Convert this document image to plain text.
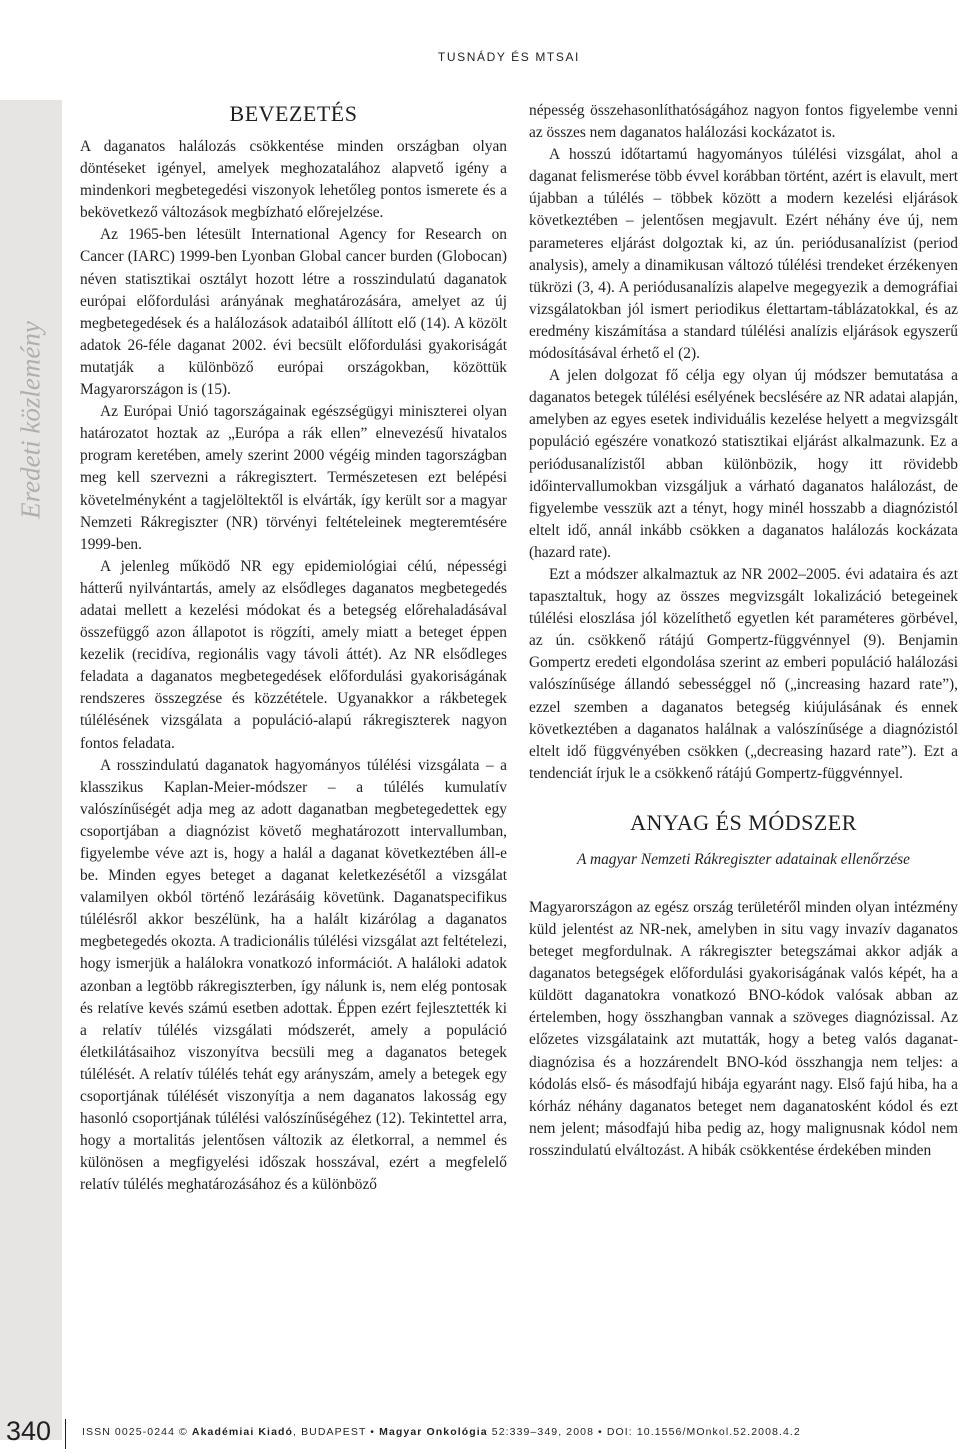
TUSNÁDY ÉS MTSAI
Eredeti közlemény
BEVEZETÉS

A daganatos halálozás csökkentése minden országban olyan döntéseket igényel, amelyek meghozatalához alapvető igény a mindenkori megbetegedési viszonyok lehetőleg pontos ismerete és a bekövetkező változások megbízható előrejelzése.

Az 1965-ben létesült International Agency for Research on Cancer (IARC) 1999-ben Lyonban Global cancer burden (Globocan) néven statisztikai osztályt hozott létre a rosszindulatú daganatok európai előfordulási arányának meghatározására, amelyet az új megbetegedések és a halálozások adataiból állított elő (14). A közölt adatok 26-féle daganat 2002. évi becsült előfordulási gyakoriságát mutatják a különböző európai országokban, közöttük Magyarországon is (15).

Az Európai Unió tagországainak egészségügyi miniszterei olyan határozatot hoztak az „Európa a rák ellen” elnevezésű hivatalos program keretében, amely szerint 2000 végéig minden tagországban meg kell szervezni a rákregisztert. Természetesen ezt belépési követelményként a tagjelöltektől is elvárták, így került sor a magyar Nemzeti Rákregiszter (NR) törvényi feltételeinek megteremtésére 1999-ben.

A jelenleg működő NR egy epidemiológiai célú, népességi hátterű nyilvántartás, amely az elsődleges daganatos megbetegedés adatai mellett a kezelési módokat és a betegség előrehaladásával összefüggő azon állapotot is rögzíti, amely miatt a beteget éppen kezelik (recidíva, regionális vagy távoli áttét). Az NR elsődleges feladata a daganatos megbetegedések előfordulási gyakoriságának rendszeres összegzése és közzététele. Ugyanakkor a rákbetegek túlélésének vizsgálata a populáció-alapú rákregiszterek nagyon fontos feladata.

A rosszindulatú daganatok hagyományos túlélési vizsgálata – a klasszikus Kaplan-Meier-módszer – a túlélés kumulatív valószínűségét adja meg az adott daganatban megbetegedettek egy csoportjában a diagnózist követő meghatározott intervallumban, figyelembe véve azt is, hogy a halál a daganat következtében áll-e be. Minden egyes beteget a daganat keletkezésétől a vizsgálat valamilyen okból történő lezárásáig követünk. Daganatspecifikus túlélésről akkor beszélünk, ha a halált kizárólag a daganatos megbetegedés okozta. A tradicionális túlélési vizsgálat azt feltételezi, hogy ismerjük a halálokra vonatkozó információt. A haláloki adatok azonban a legtöbb rákregiszterben, így nálunk is, nem elég pontosak és relatíve kevés számú esetben adottak. Éppen ezért fejlesztették ki a relatív túlélés vizsgálati módszerét, amely a populáció életkilátásaihoz viszonyítva becsüli meg a daganatos betegek túlélését. A relatív túlélés tehát egy arányszám, amely a betegek egy csoportjának túlélését viszonyítja a nem daganatos lakosság egy hasonló csoportjának túlélési valószínűségéhez (12). Tekintettel arra, hogy a mortalitás jelentősen változik az életkorral, a nemmel és különösen a megfigyelési időszak hosszával, ezért a megfelelő relatív túlélés meghatározásához és a különböző

népesség összehasonlíthatóságához nagyon fontos figyelembe venni az összes nem daganatos halálozási kockázatot is.

A hosszú időtartamú hagyományos túlélési vizsgálat, ahol a daganat felismerése több évvel korábban történt, azért is elavult, mert újabban a túlélés – többek között a modern kezelési eljárások következtében – jelentősen megjavult. Ezért néhány éve új, nem parameteres eljárást dolgoztak ki, az ún. periódusanalízist (period analysis), amely a dinamikusan változó túlélési trendeket érzékenyen tükrözi (3, 4). A periódusanalízis alapelve megegyezik a demográfiai vizsgálatokban jól ismert periodikus élettartam-táblázatokkal, és az eredmény kiszámítása a standard túlélési analízis eljárások egyszerű módosításával érhető el (2).

A jelen dolgozat fő célja egy olyan új módszer bemutatása a daganatos betegek túlélési esélyének becslésére az NR adatai alapján, amelyben az egyes esetek individuális kezelése helyett a megvizsgált populáció egészére vonatkozó statisztikai eljárást alkalmazunk. Ez a periódusanalízistől abban különbözik, hogy itt rövidebb időintervallumokban vizsgáljuk a várható daganatos halálozást, de figyelembe vesszük azt a tényt, hogy minél hosszabb a diagnózistól eltelt idő, annál inkább csökken a daganatos halálozás kockázata (hazard rate).

Ezt a módszer alkalmaztuk az NR 2002–2005. évi adataira és azt tapasztaltuk, hogy az összes megvizsgált lokalizáció betegeinek túlélési eloszlása jól közelíthető egyetlen két paraméteres görbével, az ún. csökkenő rátájú Gompertz-függvénnyel (9). Benjamin Gompertz eredeti elgondolása szerint az emberi populáció halálozási valószínűsége állandó sebességgel nő („increasing hazard rate”), ezzel szemben a daganatos betegség kiújulásának és ennek következtében a daganatos halálnak a valószínűsége a diagnózistól eltelt idő függvényében csökken („decreasing hazard rate”). Ezt a tendenciát írjuk le a csökkenő rátájú Gompertz-függvénnyel.

ANYAG ÉS MÓDSZER
A magyar Nemzeti Rákregiszter adatainak ellenőrzése

Magyarországon az egész ország területéről minden olyan intézmény küld jelentést az NR-nek, amelyben in situ vagy invazív daganatos beteget megfordulnak. A rákregiszter betegszámai akkor adják a daganatos betegségek előfordulási gyakoriságának valós képét, ha a küldött daganatokra vonatkozó BNO-kódok valósak abban az értelemben, hogy összhangban vannak a szöveges diagnózissal. Az előzetes vizsgálataink azt mutatták, hogy a beteg valós daganat-diagnózisa és a hozzárendelt BNO-kód összhangja nem teljes: a kódolás első- és másodfajú hibája egyaránt nagy. Első fajú hiba, ha a kórház néhány daganatos beteget nem daganatosként kódol és ezt nem jelent; másodfajú hiba pedig az, hogy malignusnak kódol nem rosszindulatú elváltozást. A hibák csökkentése érdekében minden

340	ISSN 0025-0244 © Akadémiai Kiadó, BUDAPEST • Magyar Onkológia 52:339–349, 2008 • DOI: 10.1556/MOnkol.52.2008.4.2
